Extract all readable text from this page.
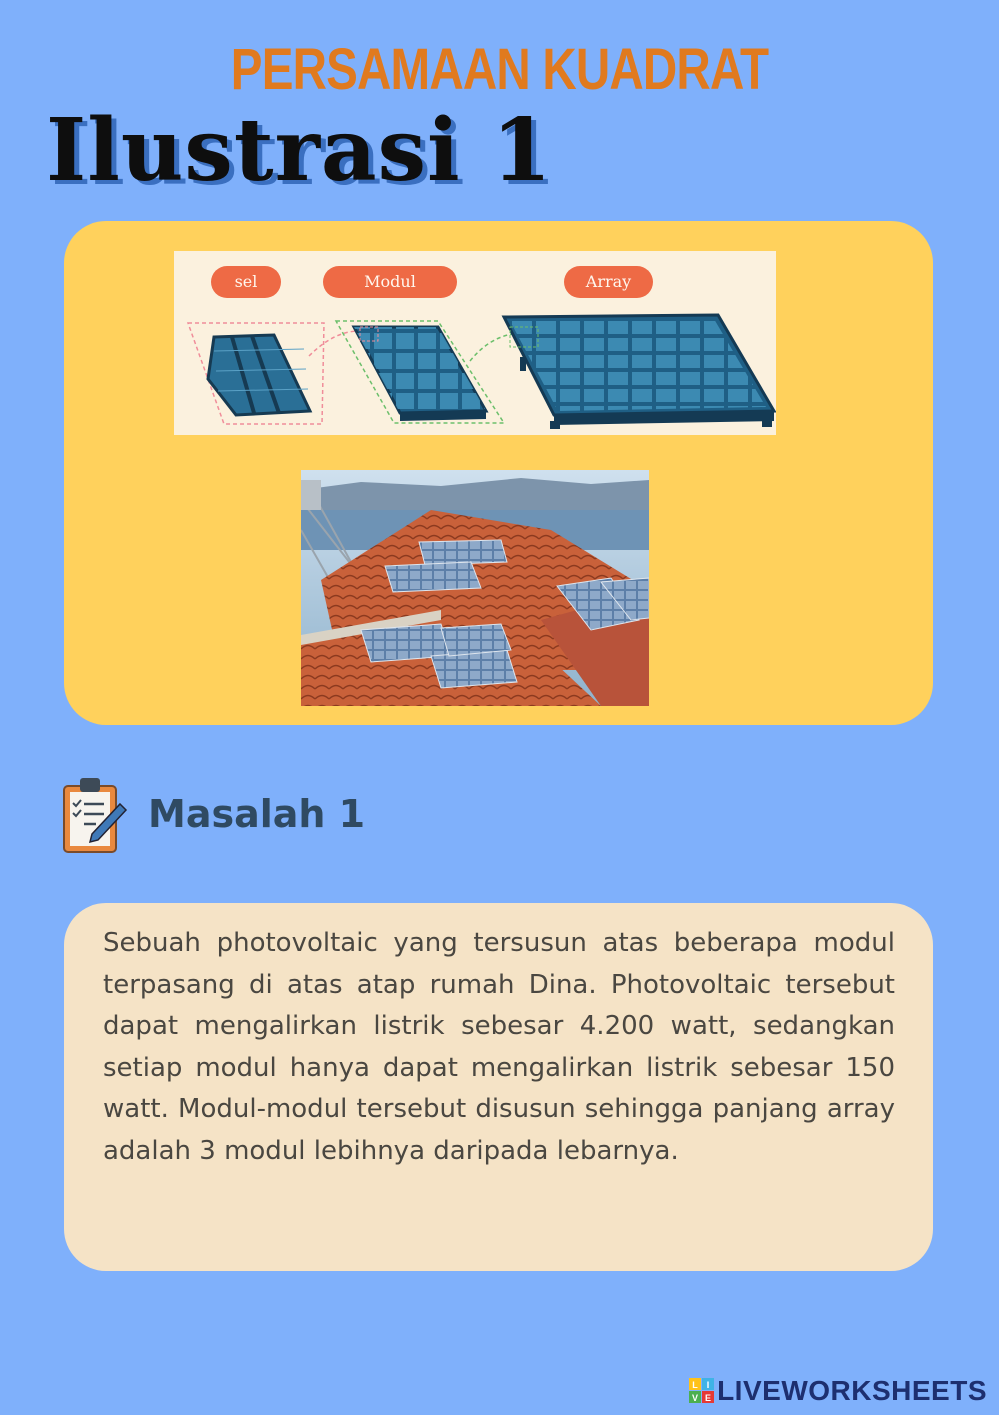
PERSAMAAN KUADRAT
Ilustrasi 1
sel	Modul	Array
Masalah 1

Sebuah photovoltaic yang tersusun atas beberapa modul terpasang di atas atap rumah Dina. Photovoltaic tersebut dapat mengalirkan listrik sebesar 4.200 watt, sedangkan setiap modul hanya dapat mengalirkan listrik sebesar 150 watt. Modul-modul tersebut disusun sehingga panjang array adalah 3 modul lebihnya daripada lebarnya.

L I
V E LIVEWORKSHEETS
